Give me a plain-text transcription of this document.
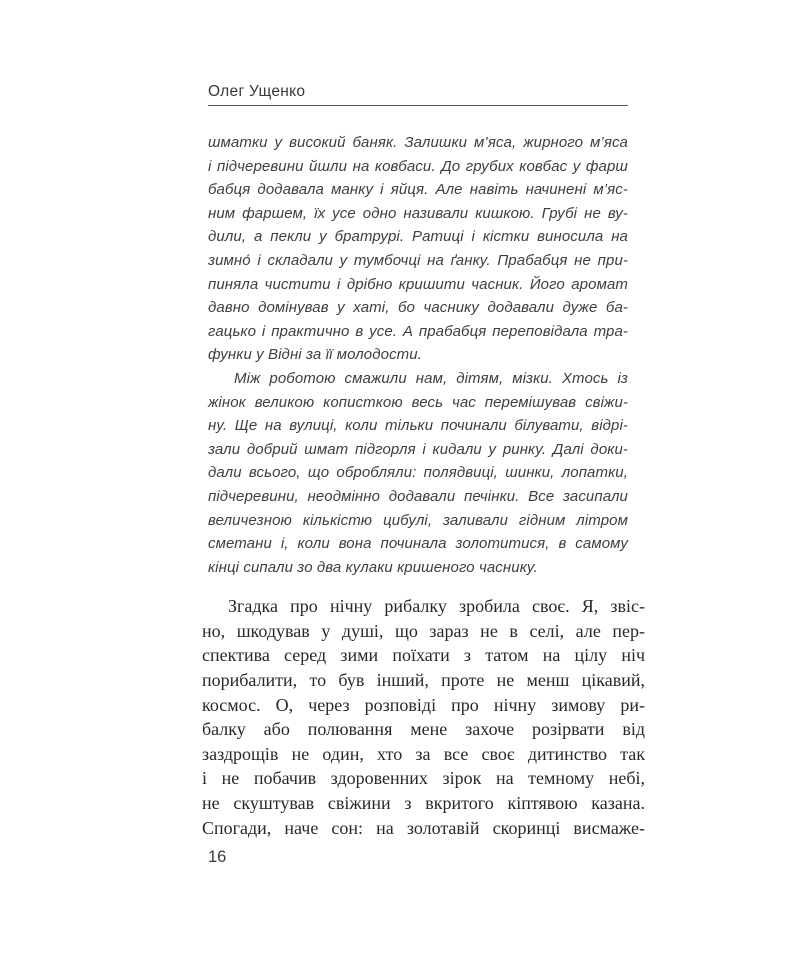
Олег Ущенко
шматки у високий баняк. Залишки м’яса, жирного м’яса
і підчеревини йшли на ковбаси. До грубих ковбас у фарш
бабця додавала манку і яйця. Але навіть начинені м’яс-
ним фаршем, їх усе одно називали кишкою. Грубі не ву-
дили, а пекли у братрурі. Ратиці і кістки виносила на
зимно́ і складали у тумбочці на ґанку. Прабабця не при-
пиняла чистити і дрібно кришити часник. Його аромат
давно домінував у хаті, бо часнику додавали дуже ба-
гацько і практично в усе. А прабабця переповідала тра-
функи у Відні за її молодости.
Між роботою смажили нам, дітям, мізки. Хтось із
жінок великою кописткою весь час перемішував свіжи-
ну. Ще на вулиці, коли тільки починали білувати, відрі-
зали добрий шмат підгорля і кидали у ринку. Далі доки-
дали всього, що обробляли: полядвиці, шинки, лопатки,
підчеревини, неодмінно додавали печінки. Все засипали
величезною кількістю цибулі, заливали гідним літром
сметани і, коли вона починала золотитися, в самому
кінці сипали зо два кулаки кришеного часнику.
Згадка про нічну рибалку зробила своє. Я, звіс-
но, шкодував у душі, що зараз не в селі, але пер-
спектива серед зими поїхати з татом на цілу ніч
порибалити, то був інший, проте не менш цікавий,
космос. О, через розповіді про нічну зимову ри-
балку або полювання мене захоче розірвати від
заздрощів не один, хто за все своє дитинство так
і не побачив здоровенних зірок на темному небі,
не скуштував свіжини з вкритого кіптявою казана.
Спогади, наче сон: на золотавій скоринці висмаже-
16
